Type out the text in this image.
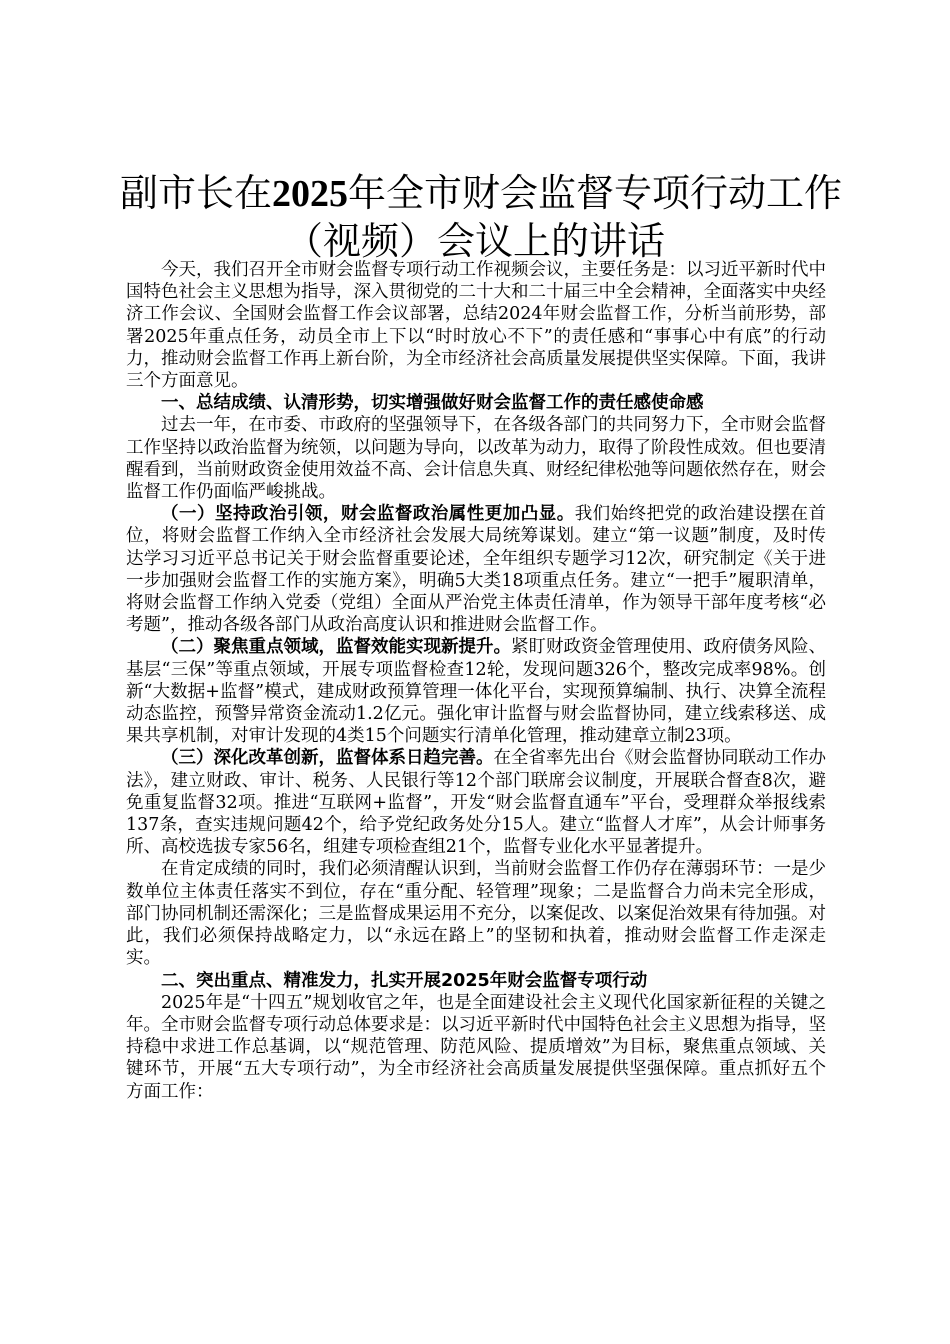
副市长在2025年全市财会监督专项行动工作
（视频）会议上的讲话

今天，我们召开全市财会监督专项行动工作视频会议，主要任务是：以习近平新时代中国特色社会主义思想为指导，深入贯彻党的二十大和二十届三中全会精神，全面落实中央经济工作会议、全国财会监督工作会议部署，总结2024年财会监督工作，分析当前形势，部署2025年重点任务，动员全市上下以“时时放心不下”的责任感和“事事心中有底”的行动力，推动财会监督工作再上新台阶，为全市经济社会高质量发展提供坚实保障。下面，我讲三个方面意见。

一、总结成绩、认清形势，切实增强做好财会监督工作的责任感使命感

过去一年，在市委、市政府的坚强领导下，在各级各部门的共同努力下，全市财会监督工作坚持以政治监督为统领，以问题为导向，以改革为动力，取得了阶段性成效。但也要清醒看到，当前财政资金使用效益不高、会计信息失真、财经纪律松弛等问题依然存在，财会监督工作仍面临严峻挑战。

（一）坚持政治引领，财会监督政治属性更加凸显。我们始终把党的政治建设摆在首位，将财会监督工作纳入全市经济社会发展大局统筹谋划。建立“第一议题”制度，及时传达学习习近平总书记关于财会监督重要论述，全年组织专题学习12次，研究制定《关于进一步加强财会监督工作的实施方案》，明确5大类18项重点任务。建立“一把手”履职清单，将财会监督工作纳入党委（党组）全面从严治党主体责任清单，作为领导干部年度考核“必考题”，推动各级各部门从政治高度认识和推进财会监督工作。

（二）聚焦重点领域，监督效能实现新提升。紧盯财政资金管理使用、政府债务风险、基层“三保”等重点领域，开展专项监督检查12轮，发现问题326个，整改完成率98%。创新“大数据+监督”模式，建成财政预算管理一体化平台，实现预算编制、执行、决算全流程动态监控，预警异常资金流动1.2亿元。强化审计监督与财会监督协同，建立线索移送、成果共享机制，对审计发现的4类15个问题实行清单化管理，推动建章立制23项。

（三）深化改革创新，监督体系日趋完善。在全省率先出台《财会监督协同联动工作办法》，建立财政、审计、税务、人民银行等12个部门联席会议制度，开展联合督查8次，避免重复监督32项。推进“互联网+监督”，开发“财会监督直通车”平台，受理群众举报线索137条，查实违规问题42个，给予党纪政务处分15人。建立“监督人才库”，从会计师事务所、高校选拔专家56名，组建专项检查组21个，监督专业化水平显著提升。

在肯定成绩的同时，我们必须清醒认识到，当前财会监督工作仍存在薄弱环节：一是少数单位主体责任落实不到位，存在“重分配、轻管理”现象；二是监督合力尚未完全形成，部门协同机制还需深化；三是监督成果运用不充分，以案促改、以案促治效果有待加强。对此，我们必须保持战略定力，以“永远在路上”的坚韧和执着，推动财会监督工作走深走实。

二、突出重点、精准发力，扎实开展2025年财会监督专项行动

2025年是“十四五”规划收官之年，也是全面建设社会主义现代化国家新征程的关键之年。全市财会监督专项行动总体要求是：以习近平新时代中国特色社会主义思想为指导，坚持稳中求进工作总基调，以“规范管理、防范风险、提质增效”为目标，聚焦重点领域、关键环节，开展“五大专项行动”，为全市经济社会高质量发展提供坚强保障。重点抓好五个方面工作：
